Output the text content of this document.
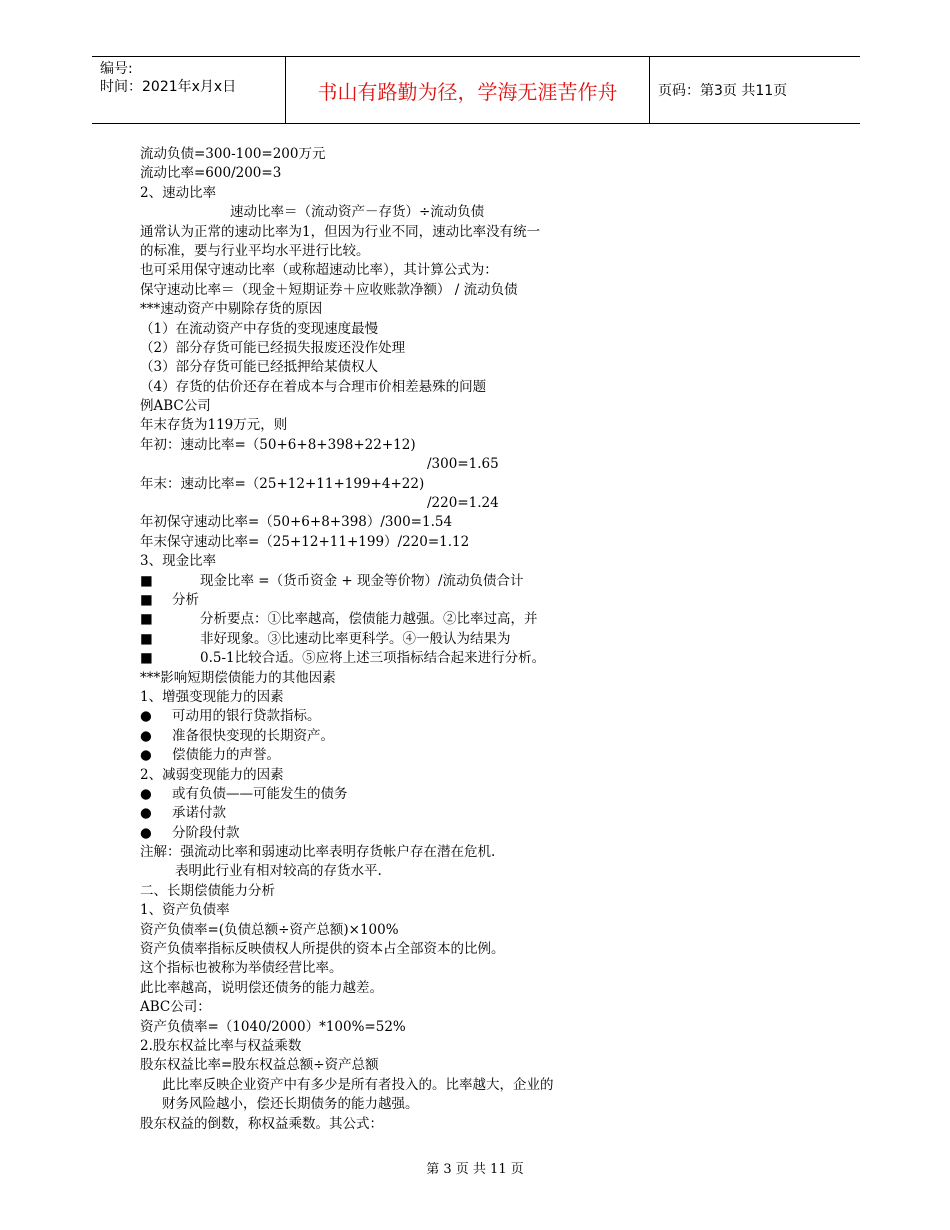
编号:
时间：2021年x月x日	书山有路勤为径，学海无涯苦作舟	页码：第3页 共11页
流动负债=300-100=200万元
流动比率=600/200=3
2、速动比率
速动比率＝（流动资产－存货）÷流动负债
通常认为正常的速动比率为1，但因为行业不同，速动比率没有统一
的标准，要与行业平均水平进行比较。
也可采用保守速动比率（或称超速动比率），其计算公式为：
保守速动比率＝（现金＋短期证券＋应收账款净额） / 流动负债
***速动资产中剔除存货的原因
（1）在流动资产中存货的变现速度最慢
（2）部分存货可能已经损失报废还没作处理
（3）部分存货可能已经抵押给某债权人
（4）存货的估价还存在着成本与合理市价相差悬殊的问题
例ABC公司
年末存货为119万元，则
年初：速动比率=（50+6+8+398+22+12)
/300=1.65
年末：速动比率=（25+12+11+199+4+22)
/220=1.24
年初保守速动比率=（50+6+8+398）/300=1.54
年末保守速动比率=（25+12+11+199）/220=1.12
3、现金比率
■	现金比率 =（货币资金 + 现金等价物）/流动负债合计
■ 分析
■	分析要点：①比率越高，偿债能力越强。②比率过高，并
■	非好现象。③比速动比率更科学。④一般认为结果为
■	0.5-1比较合适。⑤应将上述三项指标结合起来进行分析。
***影响短期偿债能力的其他因素
1、增强变现能力的因素
● 可动用的银行贷款指标。
● 准备很快变现的长期资产。
● 偿债能力的声誉。
2、减弱变现能力的因素
● 或有负债——可能发生的债务
● 承诺付款
● 分阶段付款
注解：强流动比率和弱速动比率表明存货帐户存在潜在危机.
表明此行业有相对较高的存货水平.
二、长期偿债能力分析
1、资产负债率
资产负债率=(负债总额÷资产总额)×100%
资产负债率指标反映债权人所提供的资本占全部资本的比例。
这个指标也被称为举债经营比率。
此比率越高，说明偿还债务的能力越差。
ABC公司：
资产负债率=（1040/2000）*100%=52%
2.股东权益比率与权益乘数
股东权益比率=股东权益总额÷资产总额
此比率反映企业资产中有多少是所有者投入的。比率越大，企业的
财务风险越小，偿还长期债务的能力越强。
股东权益的倒数，称权益乘数。其公式：
第 3 页 共 11 页
